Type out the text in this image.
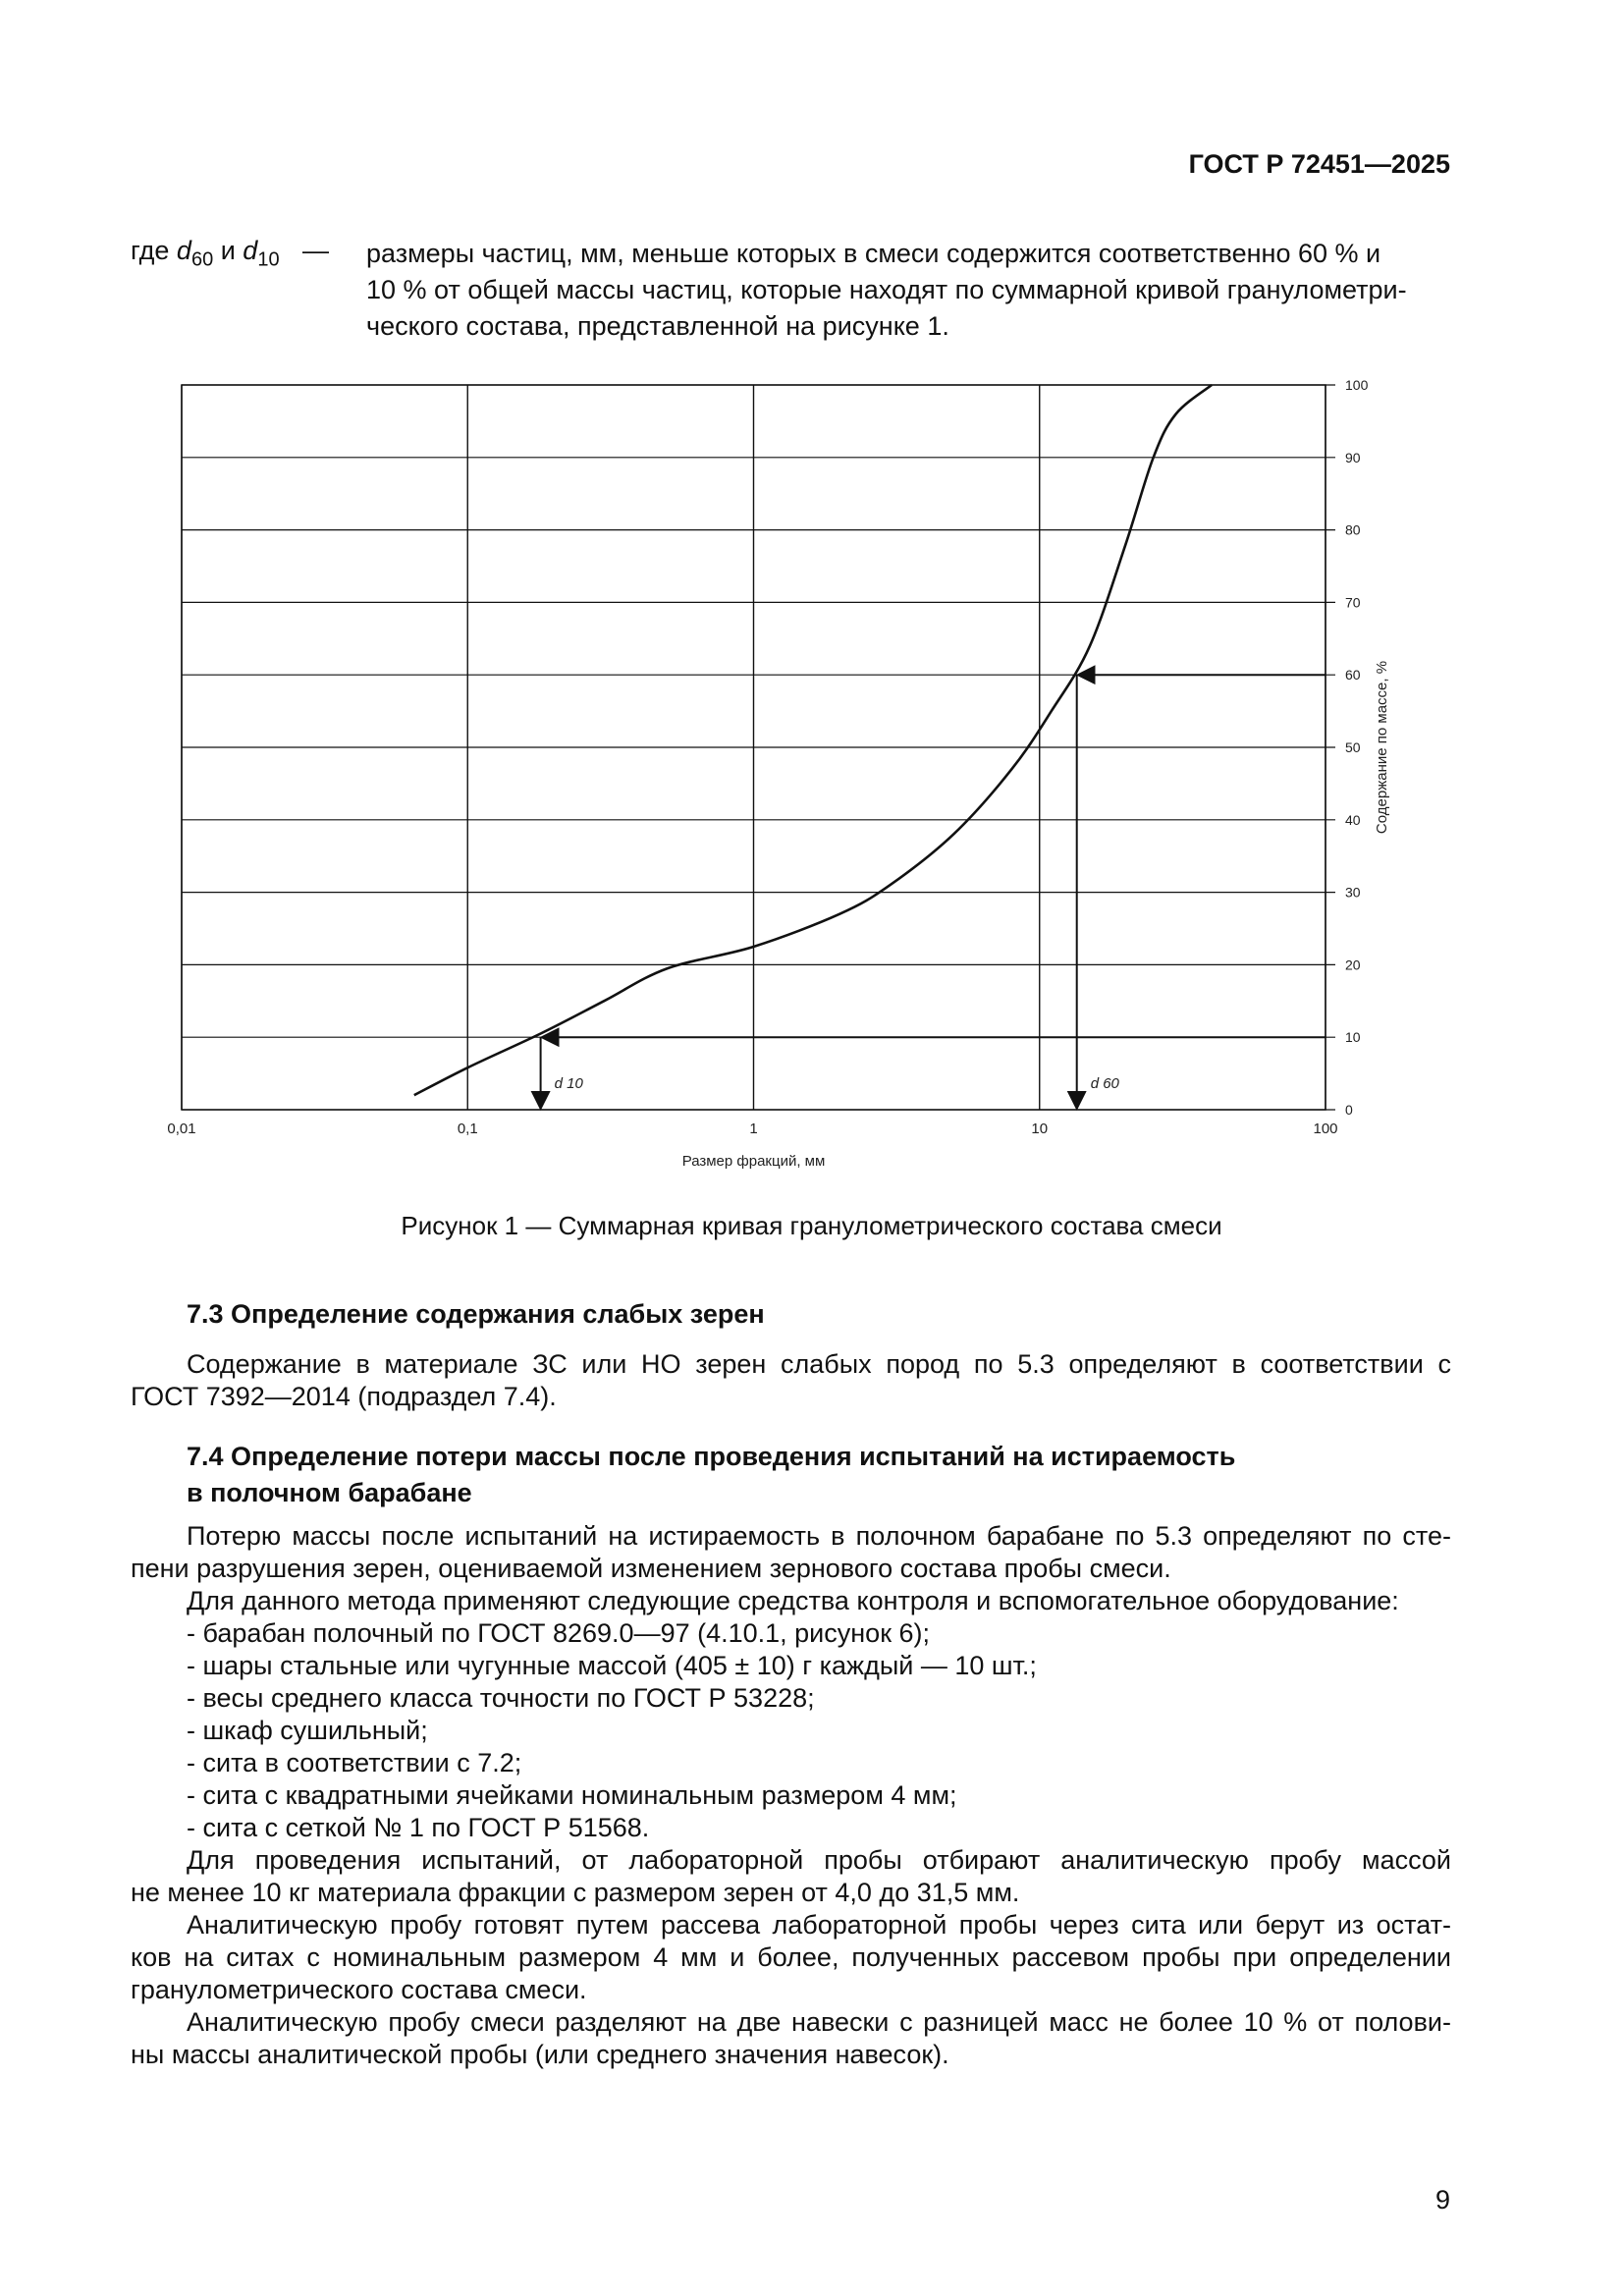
ГОСТ Р 72451—2025
где $d_{60}$ и $d_{10}$ — размеры частиц, мм, меньше которых в смеси содержится соответственно 60 % и
10 % от общей массы частиц, которые находят по суммарной кривой гранулометри-
ческого состава, представленной на рисунке 1.
0,01	0,1	1	10	100
0
10
20
30
40
50
60
70
80
90
100
d 10	d 60
Размер фракций, мм
Содержание по массе, %
Рисунок 1 — Суммарная кривая гранулометрического состава смеси
7.3 Определение содержания слабых зерен
Содержание в материале ЗС или НО зерен слабых пород по 5.3 определяют в соответствии с
ГОСТ 7392—2014 (подраздел 7.4).
7.4 Определение потери массы после проведения испытаний на истираемость
в полочном барабане
Потерю массы после испытаний на истираемость в полочном барабане по 5.3 определяют по сте-
пени разрушения зерен, оцениваемой изменением зернового состава пробы смеси.
Для данного метода применяют следующие средства контроля и вспомогательное оборудование:
- барабан полочный по ГОСТ 8269.0—97 (4.10.1, рисунок 6);
- шары стальные или чугунные массой (405 ± 10) г каждый — 10 шт.;
- весы среднего класса точности по ГОСТ Р 53228;
- шкаф сушильный;
- сита в соответствии с 7.2;
- сита с квадратными ячейками номинальным размером 4 мм;
- сита с сеткой № 1 по ГОСТ Р 51568.
Для проведения испытаний, от лабораторной пробы отбирают аналитическую пробу массой
не менее 10 кг материала фракции с размером зерен от 4,0 до 31,5 мм.
Аналитическую пробу готовят путем рассева лабораторной пробы через сита или берут из остат-
ков на ситах с номинальным размером 4 мм и более, полученных рассевом пробы при определении
гранулометрического состава смеси.
Аналитическую пробу смеси разделяют на две навески с разницей масс не более 10 % от полови-
ны массы аналитической пробы (или среднего значения навесок).
9
